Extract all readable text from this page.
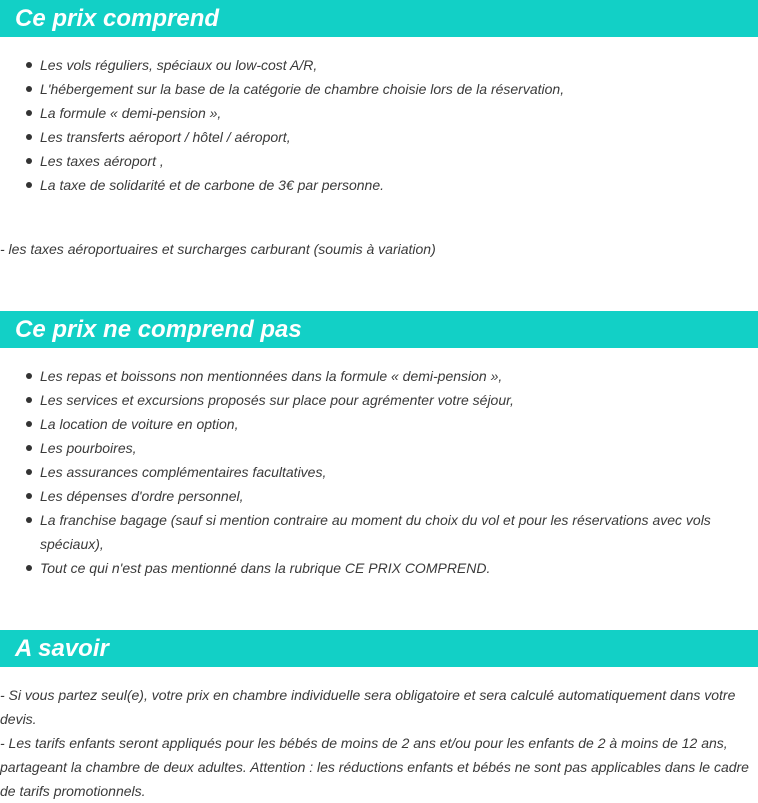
Ce prix comprend
Les vols réguliers, spéciaux ou low-cost A/R,
L'hébergement sur la base de la catégorie de chambre choisie lors de la réservation,
La formule « demi-pension »,
Les transferts aéroport / hôtel / aéroport,
Les taxes aéroport ,
La taxe de solidarité et de carbone de 3€ par personne.

- les taxes aéroportuaires et surcharges carburant (soumis à variation)

Ce prix ne comprend pas
Les repas et boissons non mentionnées dans la formule « demi-pension »,
Les services et excursions proposés sur place pour agrémenter votre séjour,
La location de voiture en option,
Les pourboires,
Les assurances complémentaires facultatives,
Les dépenses d'ordre personnel,
La franchise bagage (sauf si mention contraire au moment du choix du vol et pour les réservations avec vols spéciaux),
Tout ce qui n'est pas mentionné dans la rubrique CE PRIX COMPREND.
A savoir

- Si vous partez seul(e), votre prix en chambre individuelle sera obligatoire et sera calculé automatiquement dans votre devis.

- Les tarifs enfants seront appliqués pour les bébés de moins de 2 ans et/ou pour les enfants de 2 à moins de 12 ans, partageant la chambre de deux adultes. Attention : les réductions enfants et bébés ne sont pas applicables dans le cadre de tarifs promotionnels.
